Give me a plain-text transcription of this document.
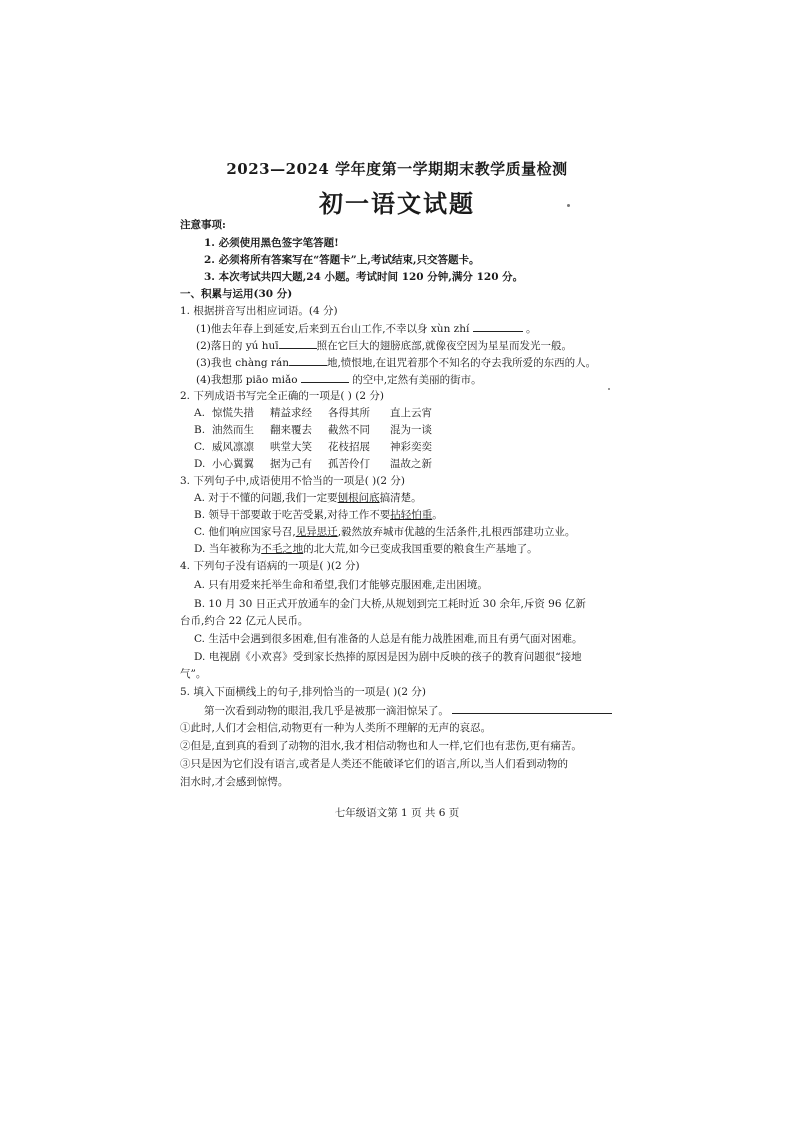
2023—2024 学年度第一学期期末教学质量检测
初一语文试题
注意事项:
1. 必须使用黑色签字笔答题!
2. 必须将所有答案写在“答题卡”上,考试结束,只交答题卡。
3. 本次考试共四大题,24 小题。考试时间 120 分钟,满分 120 分。
一、积累与运用(30 分)
1. 根据拼音写出相应词语。(4 分)
(1)他去年春上到延安,后来到五台山工作,不幸以身 xùn zhí	。
(2)落日的 yú huī	照在它巨大的翅膀底部,就像夜空因为星星而发光一般。
(3)我也 chàng rán	地,愤恨地,在诅咒着那个不知名的夺去我所爱的东西的人。
(4)我想那 piāo miǎo	的空中,定然有美丽的街市。
2. 下列成语书写完全正确的一项是( ) (2 分)
A. 惊慌失措 精益求经 各得其所 直上云宵
B. 油然而生 翻来覆去 截然不同 混为一谈
C. 威风凛凛 哄堂大笑 花枝招展 神彩奕奕
D. 小心翼翼 据为己有 孤苦伶仃 温故之新
3. 下列句子中,成语使用不恰当的一项是( )(2 分)
A. 对于不懂的问题,我们一定要刨根问底搞清楚。
B. 领导干部要敢于吃苦受累,对待工作不要拈轻怕重。
C. 他们响应国家号召,见异思迁,毅然放弃城市优越的生活条件,扎根西部建功立业。
D. 当年被称为不毛之地的北大荒,如今已变成我国重要的粮食生产基地了。
4. 下列句子没有语病的一项是( )(2 分)
A. 只有用爱来托举生命和希望,我们才能够克服困难,走出困境。
B. 10 月 30 日正式开放通车的金门大桥,从规划到完工耗时近 30 余年,斥资 96 亿新
台币,约合 22 亿元人民币。
C. 生活中会遇到很多困难,但有准备的人总是有能力战胜困难,而且有勇气面对困难。
D. 电视剧《小欢喜》受到家长热捧的原因是因为剧中反映的孩子的教育问题很“接地
气”。
5. 填入下面横线上的句子,排列恰当的一项是( )(2 分)
第一次看到动物的眼泪,我几乎是被那一滴泪惊呆了。
①此时,人们才会相信,动物更有一种为人类所不理解的无声的哀忍。
②但是,直到真的看到了动物的泪水,我才相信动物也和人一样,它们也有悲伤,更有痛苦。
③只是因为它们没有语言,或者是人类还不能破译它们的语言,所以,当人们看到动物的
泪水时,才会感到惊愕。
七年级语文第 1 页 共 6 页
